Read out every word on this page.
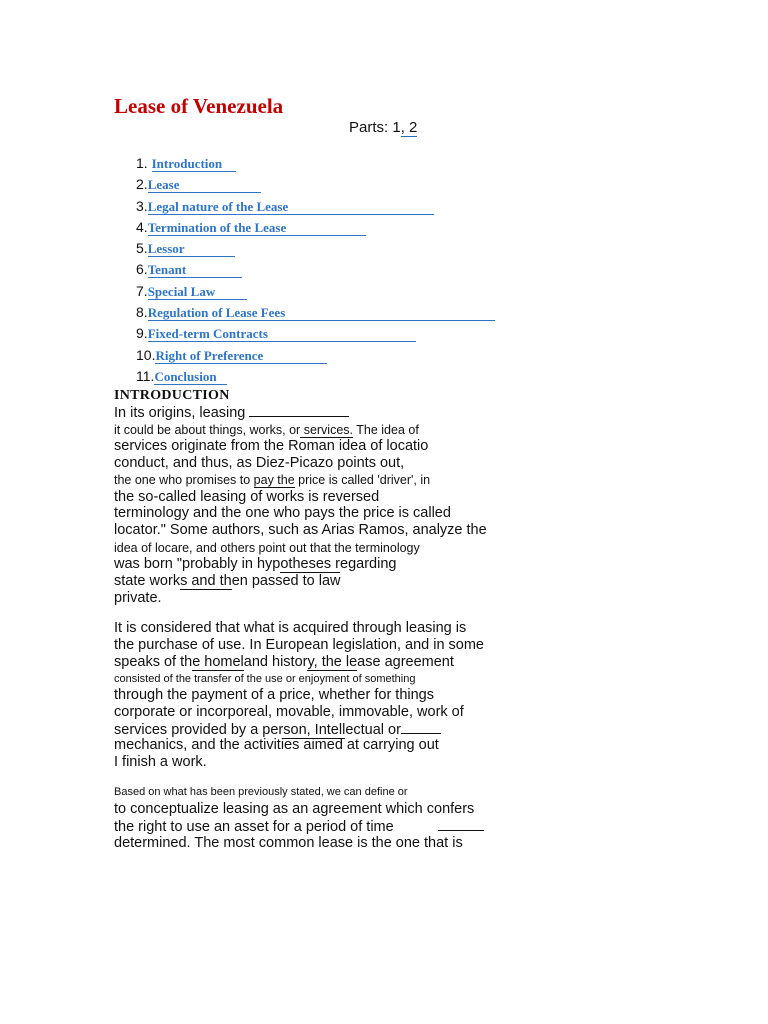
Lease of Venezuela
Parts: 1, 2
1. Introduction
2.Lease
3.Legal nature of the Lease
4.Termination of the Lease
5.Lessor
6.Tenant
7.Special Law
8.Regulation of Lease Fees
9.Fixed-term Contracts
10.Right of Preference
11.Conclusion
INTRODUCTION
In its origins, leasing
it could be about things, works, or services. The idea of
services originate from the Roman idea of locatio
conduct, and thus, as Diez-Picazo points out,
the one who promises to pay the price is called 'driver', in
the so-called leasing of works is reversed
terminology and the one who pays the price is called
locator." Some authors, such as Arias Ramos, analyze the
idea of locare, and others point out that the terminology
was born "probably in hypotheses regarding
state works and then passed to law
private.
It is considered that what is acquired through leasing is
the purchase of use. In European legislation, and in some
speaks of the homeland history, the lease agreement
consisted of the transfer of the use or enjoyment of something
through the payment of a price, whether for things
corporate or incorporeal, movable, immovable, work of
services provided by a person, Intellectual or
mechanics, and the activities aimed at carrying out
I finish a work.
Based on what has been previously stated, we can define or
to conceptualize leasing as an agreement which confers
the right to use an asset for a period of time
determined. The most common lease is the one that is
